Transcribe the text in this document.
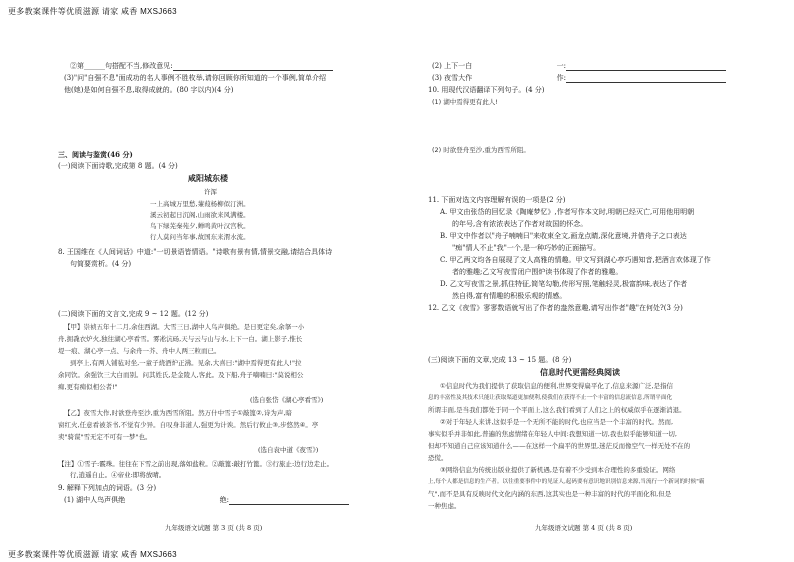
更多教案课件等优质滋源 请家 咸香 MXSJ663
更多教案课件等优质滋源 请家 咸香 MXSJ663
②第______句搭配不当,修改意见:
(3)"问"自强不息"面成功的名人事例不胜枚举,请你回顾你所知道的一个事例,简单介绍
他(她)是如何自强不息,取得成就的。(80 字以内)(4 分)
三、阅读与鉴赏(46 分)
(一)阅读下面诗歌,完成第 8 题。(4 分)
咸阳城东楼
许浑
一上高城万里愁,蒹葭杨柳似汀洲。
溪云初起日沉阁,山雨欲来风满楼。
鸟下绿芜秦苑夕,蝉鸣黄叶汉宫秋。
行人莫问当年事,故国东来渭水流。
8. 王国维在《人间词话》中道:"一切景语皆情语。"诗歌有景有情,情景交融,请结合具体诗
句简要赏析。(4 分)
(二)阅读下面的文言文,完成 9 ~ 12 题。(12 分)
【甲】崇祯五年十二月,余住西湖。大雪三日,湖中人鸟声俱绝。是日更定矣,余拏一小
舟,拥毳衣炉火,独往湖心亭看雪。雾凇沆砀,天与云与山与水,上下一白。湖上影子,惟长
堤一痕、湖心亭一点、与余舟一芥、舟中人两三粒而已。
到亭上,有两人铺毡对坐,一童子烧酒炉正沸。见余,大喜曰:"湖中焉得更有此人!"拉
余同饮。余强饮三大白而别。问其姓氏,是金陵人,客此。及下船,舟子喃喃曰:"莫说相公
痴,更有痴似相公者!"
(选自张岱《湖心亭看雪》)
【乙】夜雪大作,时欲登舟至沙,重为西雪所阻。然万什中雪子①敲篦②,诗为声,暗
窗红火,任意看被茶书,不觉有少异。自叹身非道人,强更为计诶。然后行攸止③,步悠然④。亭
卖"骑谋"雪无定不可有一梦"也。
(选自袁中道《夜雪》)
【注】①雪子:霰珠。往往在下雪之前出现,落如盐粒。②敲篦:敲打竹篦。③行旅止:边行边走止。
行,逍遥自止。④帝业:即将放晴。
9. 解释下列加点的词语。(3 分)
(1) 湖中人鸟声俱绝	绝:
九年级语文试题 第 3 页 (共 8 页)
(2) 上下一白	一:
(3) 夜雪大作	作:
10. 用现代汉语翻译下列句子。(4 分)
(1) 湖中焉得更有此人!
(2) 时欲登舟至沙,重为西雪所阻。
11. 下面对选文内容理解有误的一项是(2 分)
A. 甲文由张岱的回忆录《陶庵梦忆》,作者写作本文时,明朝已经灭亡,可用他用明朝
的年号,含有浓浓表达了作者对故国的怀念。
B. 甲文中作者以"舟子喃喃曰"来收束全文,画龙点睛,深化意境,并借舟子之口表达
"痴"情人不止"我"一个,是一种巧妙的正面描写。
C. 甲乙两文均各自展现了文人高雅的情趣。甲文写到湖心亭巧遇知音,把酒言欢体现了作
者的雅趣;乙文写夜雪闭户围炉读书体现了作者的雅趣。
D. 乙文写夜雪之景,抓住特征,简笔勾勒,传形写照,笔触轻灵,极富韵味,表达了作者
然自得,富有情趣的积极乐观的情感。
12. 乙文《夜雪》寥寥数语就写出了作者的盎然意趣,请写出作者"趣"在何处?(3 分)
(三)阅读下面的文章,完成 13 ~ 15 题。(8 分)
信息时代更需经典阅读
①信息时代为我们提供了获取信息的便利,世界变得扁平化了,信息来源广泛,是指信
息的丰富性及其技术只能让获取渠道更加便利,使我们在获得不止一个丰富的信息流信息,所谓平面化
所谓丰面,是当我们都处于同一个平面上,这么我们看到了人们之上的权威似乎在逐渐消退。
②对于年轻人来讲,这似乎是一个无所不能的时代,也应当是一个丰富的时代。然而,
事实似乎并非如此,普遍的焦虑情绪在年轻人中间:我想知道一切,我也似乎能够知道一切,
但却不知道自己应该知道什么——在这样一个扁平的世界里,迷茫反而像空气一样无处不在的
恐慌。
③网络信息为传统出版业提供了新机遇,是有着不少受到本合理性的多重验证。网络
上,每个人都是信息的生产者。以往重要事件中的见证人,起码要有意识地识别信息来源,当流行一个新词的时候"霸
气",而不是具有反映时代文化内涵的东西,这其实也是一种丰富的时代的平面化和,但是
一种焦虑。
九年级语文试题 第 4 页 (共 8 页)
